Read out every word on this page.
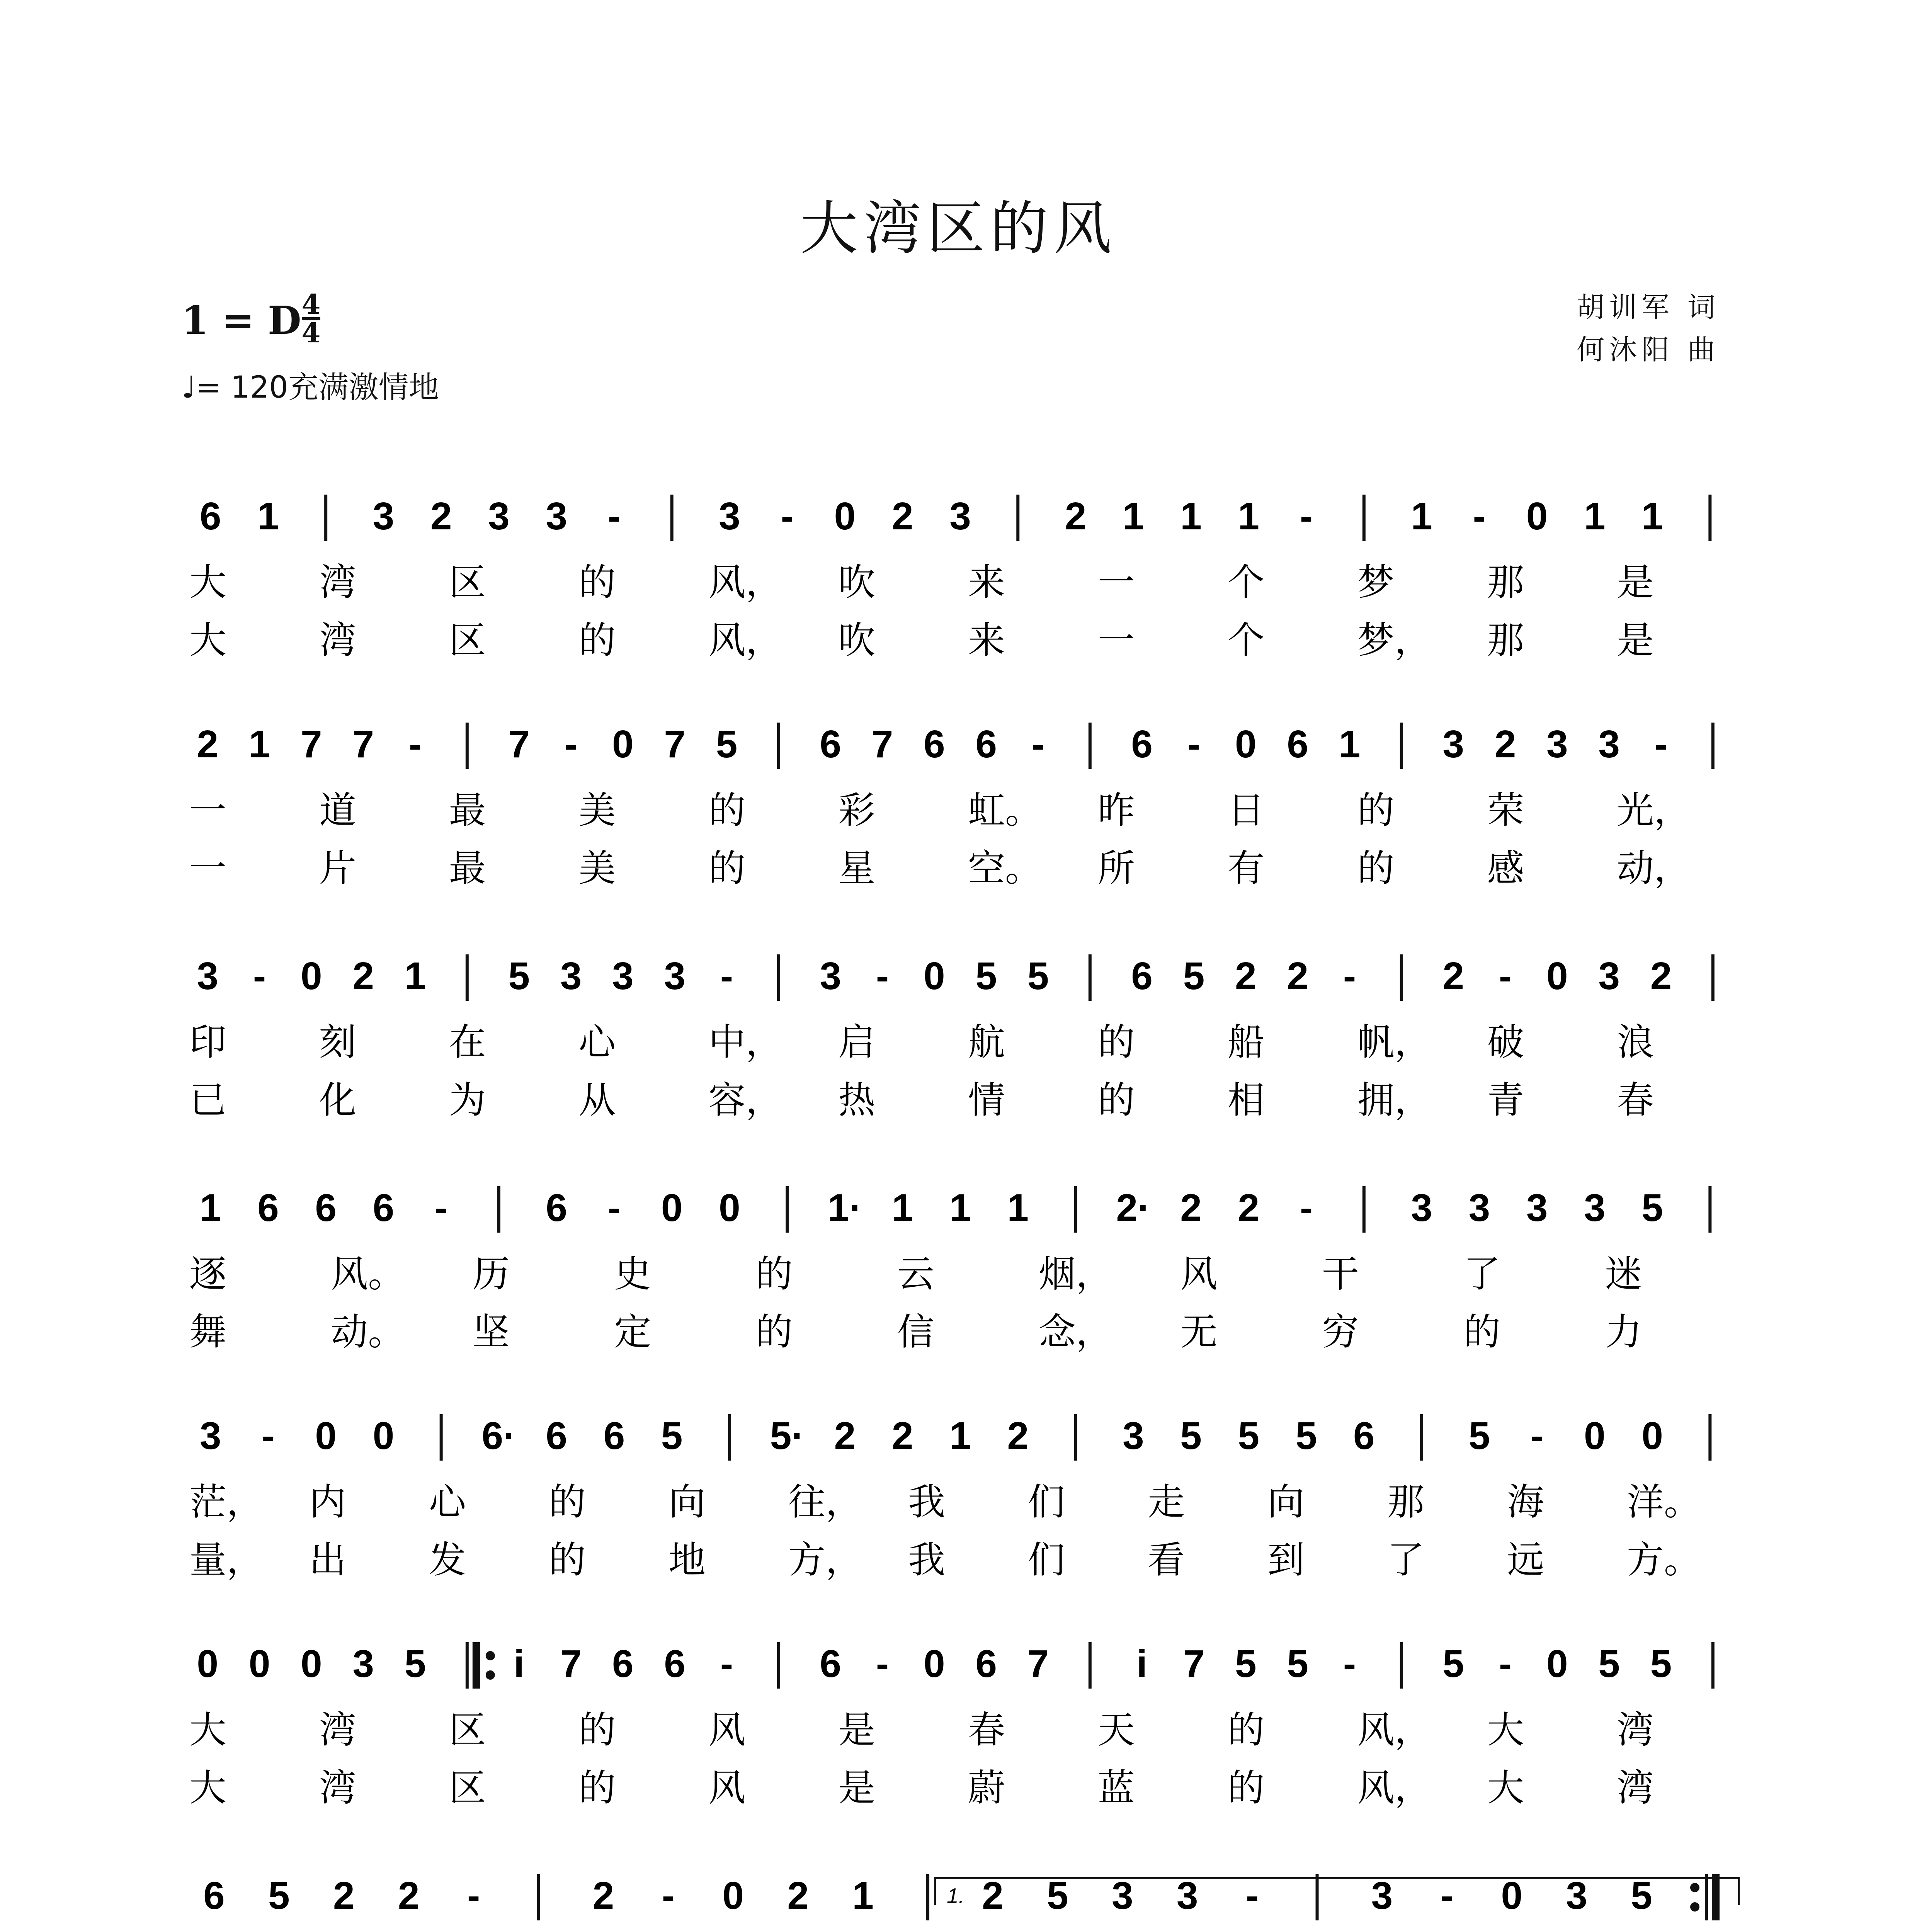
大湾区的风
1 = D 4
4
♩= 120充满激情地
胡训军 词
何沐阳 曲
6 1 3 2 3 3 -	3 - 0 2 3 2 1 1 1 -	1 - 0 1 1
大 湾 区 的 风， 吹 来 一 个 梦 那 是
大 湾 区 的 风， 吹 来 一 个 梦， 那 是
2 1 7 7 - 7 - 0 7 5 6 7 6 6 - 6 - 0 6 1 3 2 3 3 -
一 道 最 美 的 彩 虹。 昨 日 的 荣 光，
一 片 最 美 的 星 空。 所 有 的 感 动，
3 - 0 2 1 5 3 3 3 - 3 - 0 5 5 6 5 2 2 - 2 - 0 3 2
印 刻 在 心 中， 启 航 的 船 帆， 破 浪
已 化 为 从 容， 热 情 的 相 拥， 青 春
1 6 6 6 -	6 - 0 0 1· 1 1 1 2· 2 2 -	3 3 3 3 5
逐	风。 历	史	的	云	烟， 风	干	了	迷
舞	动。 坚	定	的	信	念， 无	穷	的	力
3 - 0 0 6· 6 6 5 5· 2 2 1 2 3 5 5 5 6 5 - 0 0
茫， 内 心 的 向 往， 我 们 走 向 那 海 洋。
量， 出 发 的 地 方， 我 们 看 到 了 远 方。
0 0 0 3 5 i 7 6 6 - 6 - 0 6 7 i 7 5 5 - 5 - 0 5 5
大 湾 区 的 风 是 春 天 的 风， 大 湾
大 湾 区 的 风 是 蔚 蓝 的 风， 大 湾
6 5 2 2 -	2 - 0 2 1	2 5 3 3 -	3 - 0 3 5
1.
